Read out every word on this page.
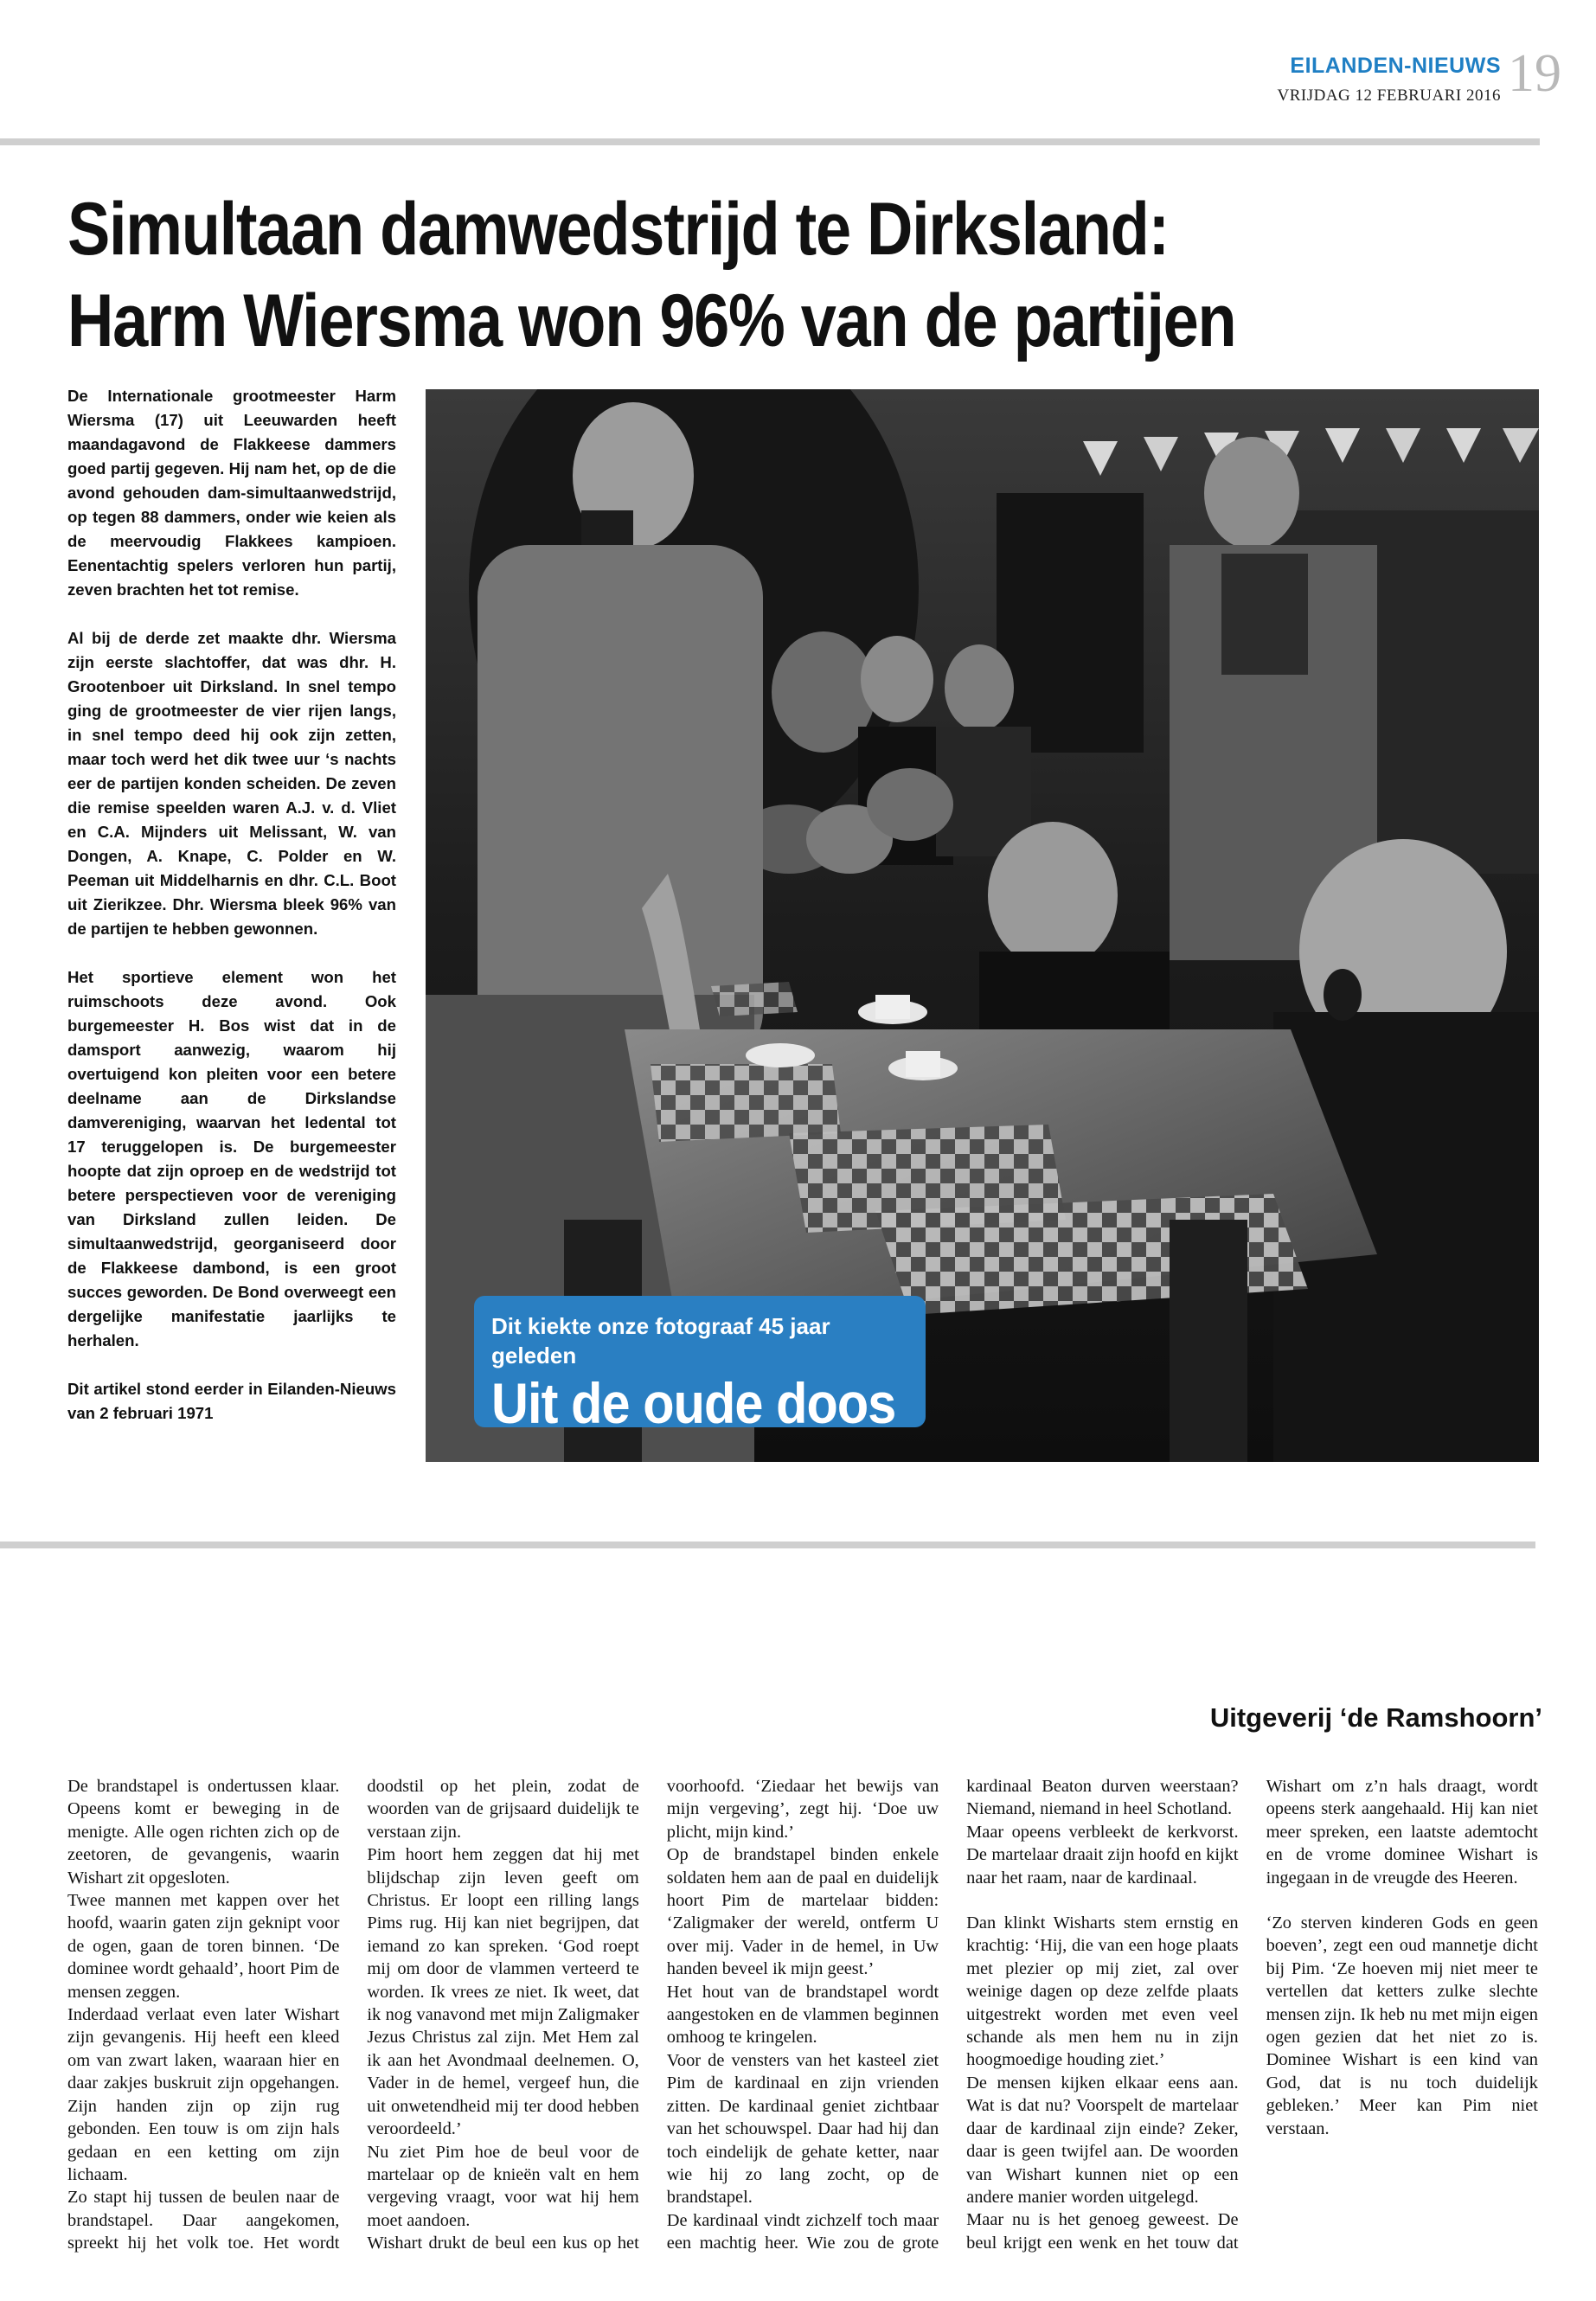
EILANDEN-NIEUWS
VRIJDAG 12 FEBRUARI 2016 19
Simultaan damwedstrijd te Dirksland:
Harm Wiersma won 96% van de partijen

De Internationale grootmeester Harm Wiersma (17) uit Leeuwarden heeft maandagavond de Flakkeese dammers goed partij gegeven. Hij nam het, op de die avond gehouden dam-simultaanwedstrijd, op tegen 88 dammers, onder wie keien als de meervoudig Flakkees kampioen. Eenentachtig spelers verloren hun partij, zeven brachten het tot remise.

Al bij de derde zet maakte dhr. Wiersma zijn eerste slachtoffer, dat was dhr. H. Grootenboer uit Dirksland. In snel tempo ging de grootmeester de vier rijen langs, in snel tempo deed hij ook zijn zetten, maar toch werd het dik twee uur ‘s nachts eer de partijen konden scheiden. De zeven die remise speelden waren A.J. v. d. Vliet en C.A. Mijnders uit Melissant, W. van Dongen, A. Knape, C. Polder en W. Peeman uit Middelharnis en dhr. C.L. Boot uit Zierikzee. Dhr. Wiersma bleek 96% van de partijen te hebben gewonnen.

Het sportieve element won het ruimschoots deze avond. Ook burgemeester H. Bos wist dat in de damsport aanwezig, waarom hij overtuigend kon pleiten voor een betere deelname aan de Dirkslandse damvereniging, waarvan het ledental tot 17 teruggelopen is. De burgemeester hoopte dat zijn oproep en de wedstrijd tot betere perspectieven voor de vereniging van Dirksland zullen leiden. De simultaanwedstrijd, georganiseerd door de Flakkeese dambond, is een groot succes geworden. De Bond overweegt een dergelijke manifestatie jaarlijks te herhalen.

Dit artikel stond eerder in Eilanden-Nieuws van 2 februari 1971

Dit kiekte onze fotograaf 45 jaar geleden
Uit de oude doos
Uitgeverij ‘de Ramshoorn’

De brandstapel is ondertussen klaar. Opeens komt er beweging in de menigte. Alle ogen richten zich op de zeetoren, de gevangenis, waarin Wishart zit opgesloten.
Twee mannen met kappen over het hoofd, waarin gaten zijn geknipt voor de ogen, gaan de toren binnen. ‘De dominee wordt gehaald’, hoort Pim de mensen zeggen.
Inderdaad verlaat even later Wishart zijn gevangenis. Hij heeft een kleed om van zwart laken, waaraan hier en daar zakjes buskruit zijn opgehangen. Zijn handen zijn op zijn rug gebonden. Een touw is om zijn hals gedaan en een ketting om zijn lichaam.
Zo stapt hij tussen de beulen naar de brandstapel. Daar aangekomen, spreekt hij het volk toe. Het wordt doodstil op het plein, zodat de woorden van de grijsaard duidelijk te verstaan zijn.
Pim hoort hem zeggen dat hij met blijdschap zijn leven geeft om Christus. Er loopt een rilling langs Pims rug. Hij kan niet begrijpen, dat iemand zo kan spreken. ‘God roept mij om door de vlammen verteerd te worden. Ik vrees ze niet. Ik weet, dat ik nog vanavond met mijn Zaligmaker Jezus Christus zal zijn. Met Hem zal ik aan het Avondmaal deelnemen. O, Vader in de hemel, vergeef hun, die uit onwetendheid mij ter dood hebben veroordeeld.’
Nu ziet Pim hoe de beul voor de martelaar op de knieën valt en hem vergeving vraagt, voor wat hij hem moet aandoen.
Wishart drukt de beul een kus op het voorhoofd. ‘Ziedaar het bewijs van mijn vergeving’, zegt hij. ‘Doe uw plicht, mijn kind.’
Op de brandstapel binden enkele soldaten hem aan de paal en duidelijk hoort Pim de martelaar bidden: ‘Zaligmaker der wereld, ontferm U over mij. Vader in de hemel, in Uw handen beveel ik mijn geest.’
Het hout van de brandstapel wordt aangestoken en de vlammen beginnen omhoog te kringelen.
Voor de vensters van het kasteel ziet Pim de kardinaal en zijn vrienden zitten. De kardinaal geniet zichtbaar van het schouwspel. Daar had hij dan toch eindelijk de gehate ketter, naar wie hij zo lang zocht, op de brandstapel.
De kardinaal vindt zichzelf toch maar een machtig heer. Wie zou de grote kardinaal Beaton durven weerstaan? Niemand, niemand in heel Schotland.
Maar opeens verbleekt de kerkvorst. De martelaar draait zijn hoofd en kijkt naar het raam, naar de kardinaal.

Dan klinkt Wisharts stem ernstig en krachtig: ‘Hij, die van een hoge plaats met plezier op mij ziet, zal over weinige dagen op deze zelfde plaats uitgestrekt worden met even veel schande als men hem nu in zijn hoogmoedige houding ziet.’
De mensen kijken elkaar eens aan. Wat is dat nu? Voorspelt de martelaar daar de kardinaal zijn einde? Zeker, daar is geen twijfel aan. De woorden van Wishart kunnen niet op een andere manier worden uitgelegd.
Maar nu is het genoeg geweest. De beul krijgt een wenk en het touw dat Wishart om z’n hals draagt, wordt opeens sterk aangehaald. Hij kan niet meer spreken, een laatste ademtocht en de vrome dominee Wishart is ingegaan in de vreugde des Heeren.

‘Zo sterven kinderen Gods en geen boeven’, zegt een oud mannetje dicht bij Pim. ‘Ze hoeven mij niet meer te vertellen dat ketters zulke slechte mensen zijn. Ik heb nu met mijn eigen ogen gezien dat het niet zo is. Dominee Wishart is een kind van God, dat is nu toch duidelijk gebleken.’ Meer kan Pim niet verstaan.
